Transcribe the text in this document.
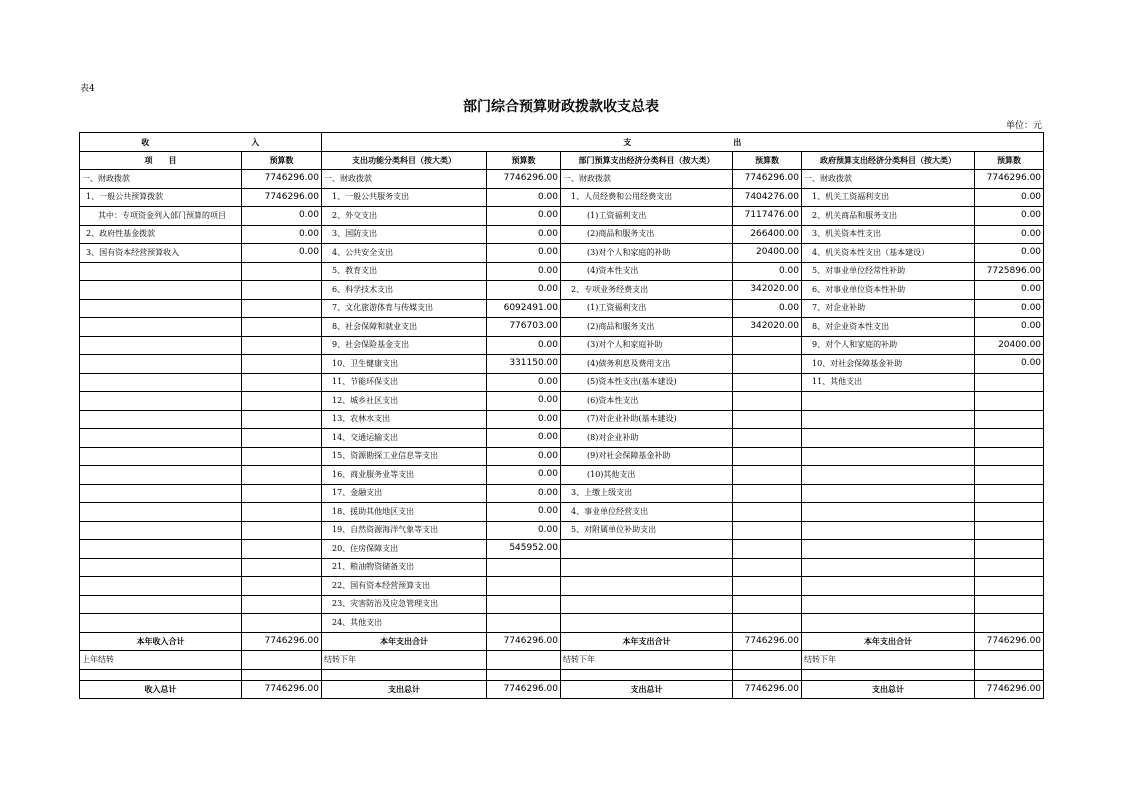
表4
部门综合预算财政拨款收支总表
单位：元
收 入		支 出					
项　　目	预算数	支出功能分类科目（按大类）	预算数	部门预算支出经济分类科目（按大类）	预算数	政府预算支出经济分类科目（按大类）	预算数
一、财政拨款	7746296.00	一、财政拨款	7746296.00	一、财政拨款	7746296.00	一、财政拨款	7746296.00
1、一般公共预算拨款	7746296.00	1、一般公共服务支出	0.00	1、人员经费和公用经费支出	7404276.00	1、机关工资福利支出	0.00
其中：专项资金列入部门预算的项目	0.00	2、外交支出	0.00	(1)工资福利支出	7117476.00	2、机关商品和服务支出	0.00
2、政府性基金拨款	0.00	3、国防支出	0.00	(2)商品和服务支出	266400.00	3、机关资本性支出	0.00
3、国有资本经营预算收入	0.00	4、公共安全支出	0.00	(3)对个人和家庭的补助	20400.00	4、机关资本性支出（基本建设）	0.00
		5、教育支出	0.00	(4)资本性支出	0.00	5、对事业单位经常性补助	7725896.00
		6、科学技术支出	0.00	2、专项业务经费支出	342020.00	6、对事业单位资本性补助	0.00
		7、文化旅游体育与传媒支出	6092491.00	(1)工资福利支出	0.00	7、对企业补助	0.00
		8、社会保障和就业支出	776703.00	(2)商品和服务支出	342020.00	8、对企业资本性支出	0.00
		9、社会保险基金支出	0.00	(3)对个人和家庭补助		9、对个人和家庭的补助	20400.00
		10、卫生健康支出	331150.00	(4)债务利息及费用支出		10、对社会保障基金补助	0.00
		11、节能环保支出	0.00	(5)资本性支出(基本建设)		11、其他支出	
		12、城乡社区支出	0.00	(6)资本性支出			
		13、农林水支出	0.00	(7)对企业补助(基本建设)			
		14、交通运输支出	0.00	(8)对企业补助			
		15、资源勘探工业信息等支出	0.00	(9)对社会保障基金补助			
		16、商业服务业等支出	0.00	(10)其他支出			
		17、金融支出	0.00	3、上缴上级支出			
		18、援助其他地区支出	0.00	4、事业单位经营支出			
		19、自然资源海洋气象等支出	0.00	5、对附属单位补助支出			
		20、住房保障支出	545952.00				
		21、粮油物资储备支出					
		22、国有资本经营预算支出					
		23、灾害防治及应急管理支出					
		24、其他支出					
本年收入合计	7746296.00	本年支出合计	7746296.00	本年支出合计	7746296.00	本年支出合计	7746296.00
上年结转		结转下年		结转下年		结转下年	

收入总计	7746296.00	支出总计	7746296.00	支出总计	7746296.00	支出总计	7746296.00
